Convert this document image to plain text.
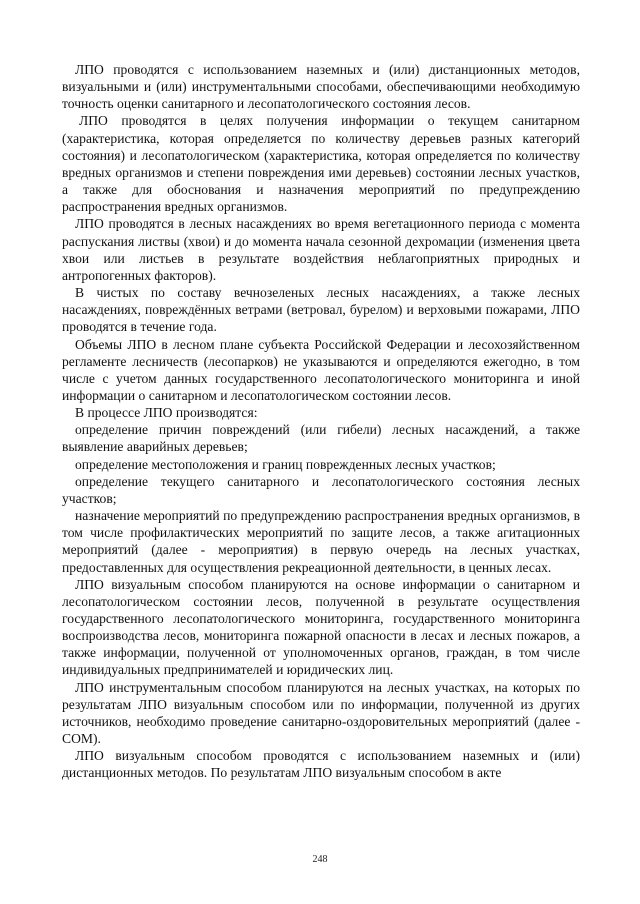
ЛПО проводятся с использованием наземных и (или) дистанционных методов, визуальными и (или) инструментальными способами, обеспечивающими необходимую точность оценки санитарного и лесопатологического состояния лесов.

ЛПО проводятся в целях получения информации о текущем санитарном (характеристика, которая определяется по количеству деревьев разных категорий состояния) и лесопатологическом (характеристика, которая определяется по количеству вредных организмов и степени повреждения ими деревьев) состоянии лесных участков, а также для обоснования и назначения мероприятий по предупреждению распространения вредных организмов.

ЛПО проводятся в лесных насаждениях во время вегетационного периода с момента распускания листвы (хвои) и до момента начала сезонной дехромации (изменения цвета хвои или листьев в результате воздействия неблагоприятных природных и антропогенных факторов).

В чистых по составу вечнозеленых лесных насаждениях, а также лесных насаждениях, повреждённых ветрами (ветровал, бурелом) и верховыми пожарами, ЛПО проводятся в течение года.

Объемы ЛПО в лесном плане субъекта Российской Федерации и лесохозяйственном регламенте лесничеств (лесопарков) не указываются и определяются ежегодно, в том числе с учетом данных государственного лесопатологического мониторинга и иной информации о санитарном и лесопатологическом состоянии лесов.

В процессе ЛПО производятся:

определение причин повреждений (или гибели) лесных насаждений, а также выявление аварийных деревьев;

определение местоположения и границ поврежденных лесных участков;

определение текущего санитарного и лесопатологического состояния лесных участков;

назначение мероприятий по предупреждению распространения вредных организмов, в том числе профилактических мероприятий по защите лесов, а также агитационных мероприятий (далее - мероприятия) в первую очередь на лесных участках, предоставленных для осуществления рекреационной деятельности, в ценных лесах.

ЛПО визуальным способом планируются на основе информации о санитарном и лесопатологическом состоянии лесов, полученной в результате осуществления государственного лесопатологического мониторинга, государственного мониторинга воспроизводства лесов, мониторинга пожарной опасности в лесах и лесных пожаров, а также информации, полученной от уполномоченных органов, граждан, в том числе индивидуальных предпринимателей и юридических лиц.

ЛПО инструментальным способом планируются на лесных участках, на которых по результатам ЛПО визуальным способом или по информации, полученной из других источников, необходимо проведение санитарно-оздоровительных мероприятий (далее - СОМ).

ЛПО визуальным способом проводятся с использованием наземных и (или) дистанционных методов. По результатам ЛПО визуальным способом в акте

248
